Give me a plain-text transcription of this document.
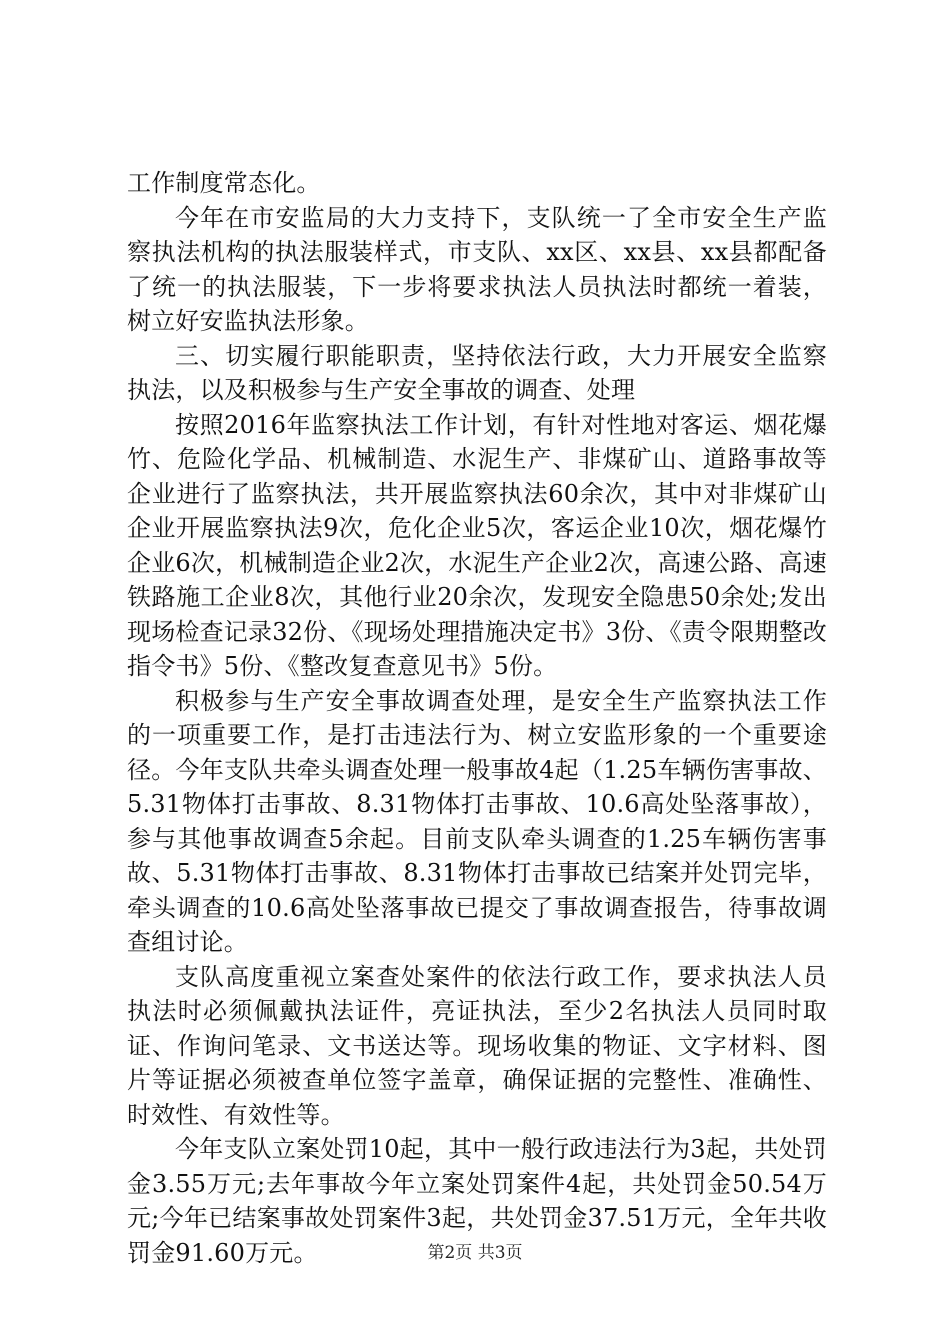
工作制度常态化。

今年在市安监局的大力支持下，支队统一了全市安全生产监察执法机构的执法服装样式，市支队、xx区、xx县、xx县都配备了统一的执法服装，下一步将要求执法人员执法时都统一着装，树立好安监执法形象。

三、切实履行职能职责，坚持依法行政，大力开展安全监察执法，以及积极参与生产安全事故的调查、处理

按照2016年监察执法工作计划，有针对性地对客运、烟花爆竹、危险化学品、机械制造、水泥生产、非煤矿山、道路事故等企业进行了监察执法，共开展监察执法60余次，其中对非煤矿山企业开展监察执法9次，危化企业5次，客运企业10次，烟花爆竹企业6次，机械制造企业2次，水泥生产企业2次，高速公路、高速铁路施工企业8次，其他行业20余次，发现安全隐患50余处;发出现场检查记录32份、《现场处理措施决定书》3份、《责令限期整改指令书》5份、《整改复查意见书》5份。

积极参与生产安全事故调查处理，是安全生产监察执法工作的一项重要工作，是打击违法行为、树立安监形象的一个重要途径。今年支队共牵头调查处理一般事故4起（1.25车辆伤害事故、5.31物体打击事故、8.31物体打击事故、10.6高处坠落事故），参与其他事故调查5余起。目前支队牵头调查的1.25车辆伤害事故、5.31物体打击事故、8.31物体打击事故已结案并处罚完毕，牵头调查的10.6高处坠落事故已提交了事故调查报告，待事故调查组讨论。

支队高度重视立案查处案件的依法行政工作，要求执法人员执法时必须佩戴执法证件，亮证执法，至少2名执法人员同时取证、作询问笔录、文书送达等。现场收集的物证、文字材料、图片等证据必须被查单位签字盖章，确保证据的完整性、准确性、时效性、有效性等。

今年支队立案处罚10起，其中一般行政违法行为3起，共处罚金3.55万元;去年事故今年立案处罚案件4起，共处罚金50.54万元;今年已结案事故处罚案件3起，共处罚金37.51万元，全年共收罚金91.60万元。	第2页 共3页
